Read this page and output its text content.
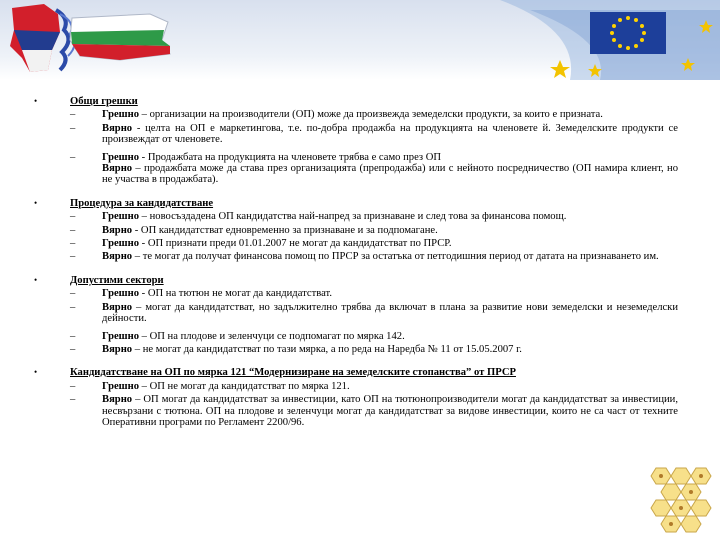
•	Общи грешки
–	Грешно – организации на производители (ОП) може да произвежда земеделски продукти, за които е призната.
–	Вярно - целта на ОП е маркетингова, т.е. по-добра продажба на продукцията на членовете й. Земеделските продукти се произвеждат от членовете.
–	Грешно - Продажбата на продукцията на членовете трябва е само през ОП
Вярно – продажбата може да става през организацията (препродажба) или с нейното посредничество (ОП намира клиент, но не участва в продажбата).
•	Процедура за кандидатстване
–	Грешно – новосъздадена ОП кандидатства най-напред за признаване и след това за финансова помощ.
–	Вярно - ОП кандидатстват едновременно за признаване и за подпомагане.
–	Грешно - ОП признати преди 01.01.2007 не могат да кандидатстват по ПРСР.
–	Вярно – те могат да получат финансова помощ по ПРСР за остатъка от петгодишния период от датата на признаването им.
•	Допустими сектори
–	Грешно - ОП на тютюн не могат да кандидатстват.
–	Вярно – могат да кандидатстват, но задължително трябва да включат в плана за развитие нови земеделски и неземеделски дейности.
–	Грешно – ОП на плодове и зеленчуци се подпомагат по мярка 142.
–	Вярно – не могат да кандидатстват по тази мярка, а по реда на Наредба № 11 от 15.05.2007 г.
•	Кандидатстване на ОП по мярка 121 “Модернизиране на земеделските стопанства” от ПРСР
–	Грешно – ОП не могат да кандидатстват по мярка 121.
–	Вярно – ОП могат да кандидатстват за инвестиции, като ОП на тютюнопроизводители могат да кандидатстват за инвестиции, несвързани с тютюна. ОП на плодове и зеленчуци могат да кандидатстват за видове инвестиции, които не са част от техните Оперативни програми по Регламент 2200/96.
